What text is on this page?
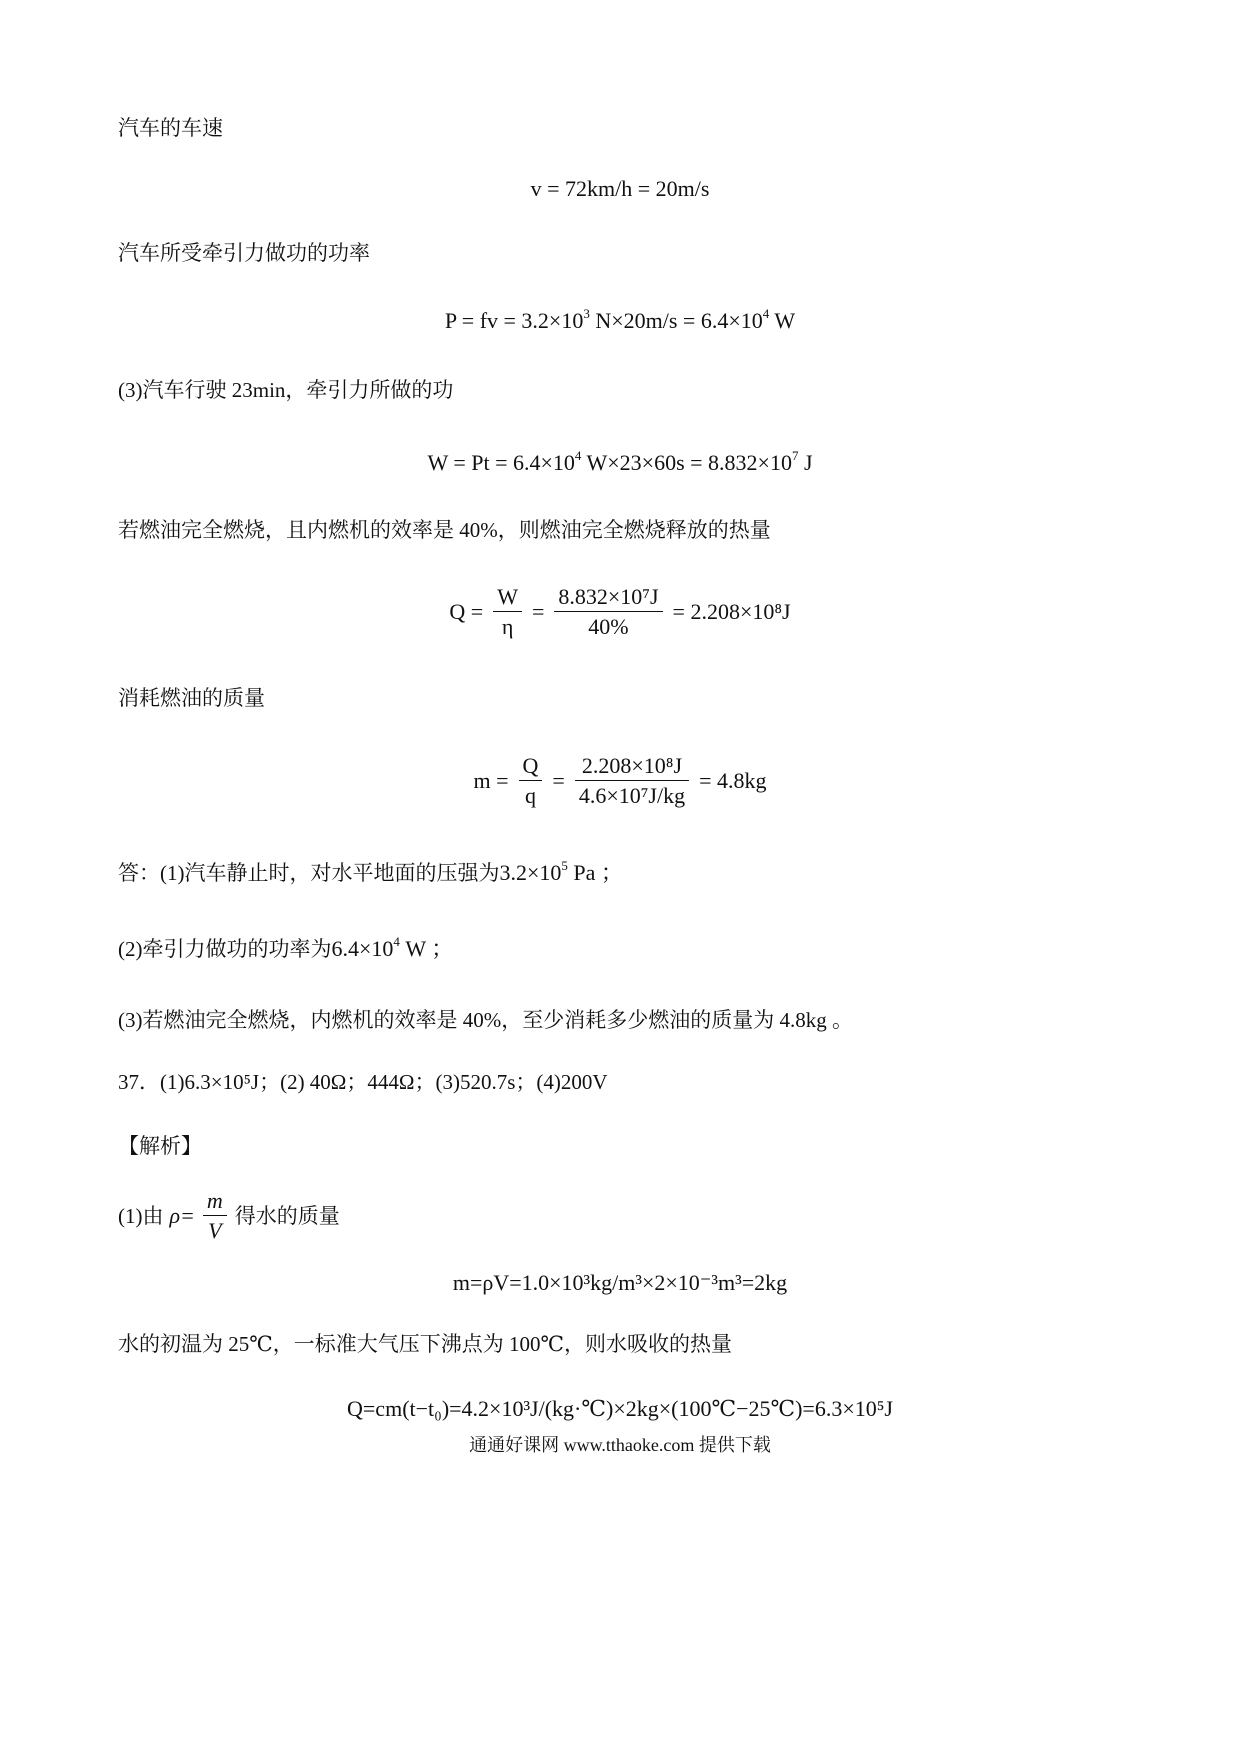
汽车的车速
v = 72km/h = 20m/s
汽车所受牵引力做功的功率
P = fv = $3.2\times 10^3$ $N\times 20m/s = 6.4\times 10^4$ W
(3)汽车行驶 23min，牵引力所做的功
$W = Pt = 6.4\times 10^4$ $W\times 23\times 60s = 8.832\times 10^7$ J
若燃油完全燃烧，且内燃机的效率是 40%，则燃油完全燃烧释放的热量
$Q = \frac{W}{\eta} = \frac{\text{8.832×10⁷J}}{40\%} = 2.208\times 10^8J$
消耗燃油的质量
$m = \frac{Q}{q} = \frac{\text{2.208×10⁸J}}{\text{4.6×10⁷J/kg}} = 4.8kg$
答：(1)汽车静止时，对水平地面的压强为$3.2\times 10^5$ Pa ；
(2)牵引力做功的功率为$6.4\times 10^4$ W ；
(3)若燃油完全燃烧，内燃机的效率是 40%，至少消耗多少燃油的质量为 4.8kg 。
37．(1)6.3×10⁵J；(2) 40Ω；444Ω；(3)520.7s；(4)200V
【解析】
(1)由 $\rho= \frac{m}{V}$ 得水的质量
m=ρV=1.0×10³kg/m³×2×10⁻³m³=2kg
水的初温为 25℃，一标准大气压下沸点为 100℃，则水吸收的热量
Q=cm(t−t₀)=4.2×10³J/(kg·℃)×2kg×(100℃−25℃)=6.3×10⁵J
通通好课网 www.tthaoke.com 提供下载
